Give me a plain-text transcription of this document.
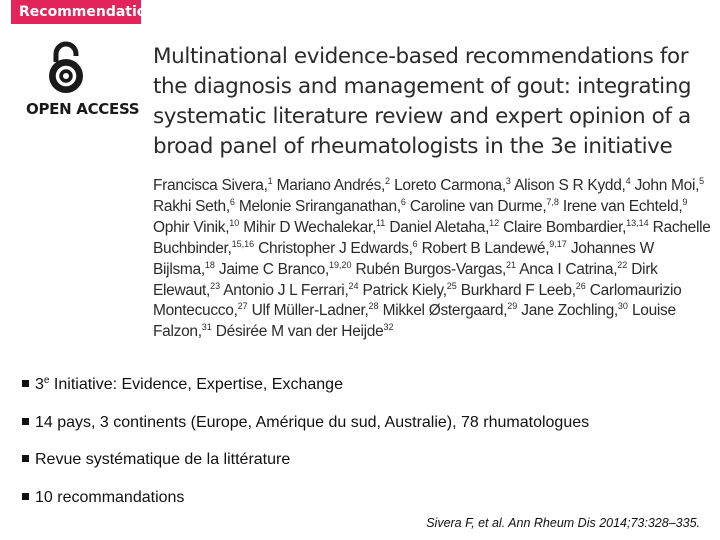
Recommendation
OPEN ACCESS
Multinational evidence-based recommendations for the diagnosis and management of gout: integrating systematic literature review and expert opinion of a broad panel of rheumatologists in the 3e initiative
Francisca Sivera,$^1$ Mariano Andrés,$^2$ Loreto Carmona,$^3$ Alison S R Kydd,$^4$ John Moi,$^5$ Rakhi Seth,$^6$ Melonie Sriranganathan,$^6$ Caroline van Durme,$^{7,8}$ Irene van Echteld,$^9$ Ophir Vinik,$^{10}$ Mihir D Wechalekar,$^{11}$ Daniel Aletaha,$^{12}$ Claire Bombardier,$^{13,14}$ Rachelle Buchbinder,$^{15,16}$ Christopher J Edwards,$^6$ Robert B Landewé,$^{9,17}$ Johannes W Bijlsma,$^{18}$ Jaime C Branco,$^{19,20}$ Rubén Burgos-Vargas,$^{21}$ Anca I Catrina,$^{22}$ Dirk Elewaut,$^{23}$ Antonio J L Ferrari,$^{24}$ Patrick Kiely,$^{25}$ Burkhard F Leeb,$^{26}$ Carlomaurizio Montecucco,$^{27}$ Ulf Müller-Ladner,$^{28}$ Mikkel Østergaard,$^{29}$ Jane Zochling,$^{30}$ Louise Falzon,$^{31}$ Désirée M van der Heijde$^{32}$
3e Initiative: Evidence, Expertise, Exchange
14 pays, 3 continents (Europe, Amérique du sud, Australie), 78 rhumatologues
Revue systématique de la littérature
10 recommandations
Sivera F, et al. Ann Rheum Dis 2014;73:328–335.
